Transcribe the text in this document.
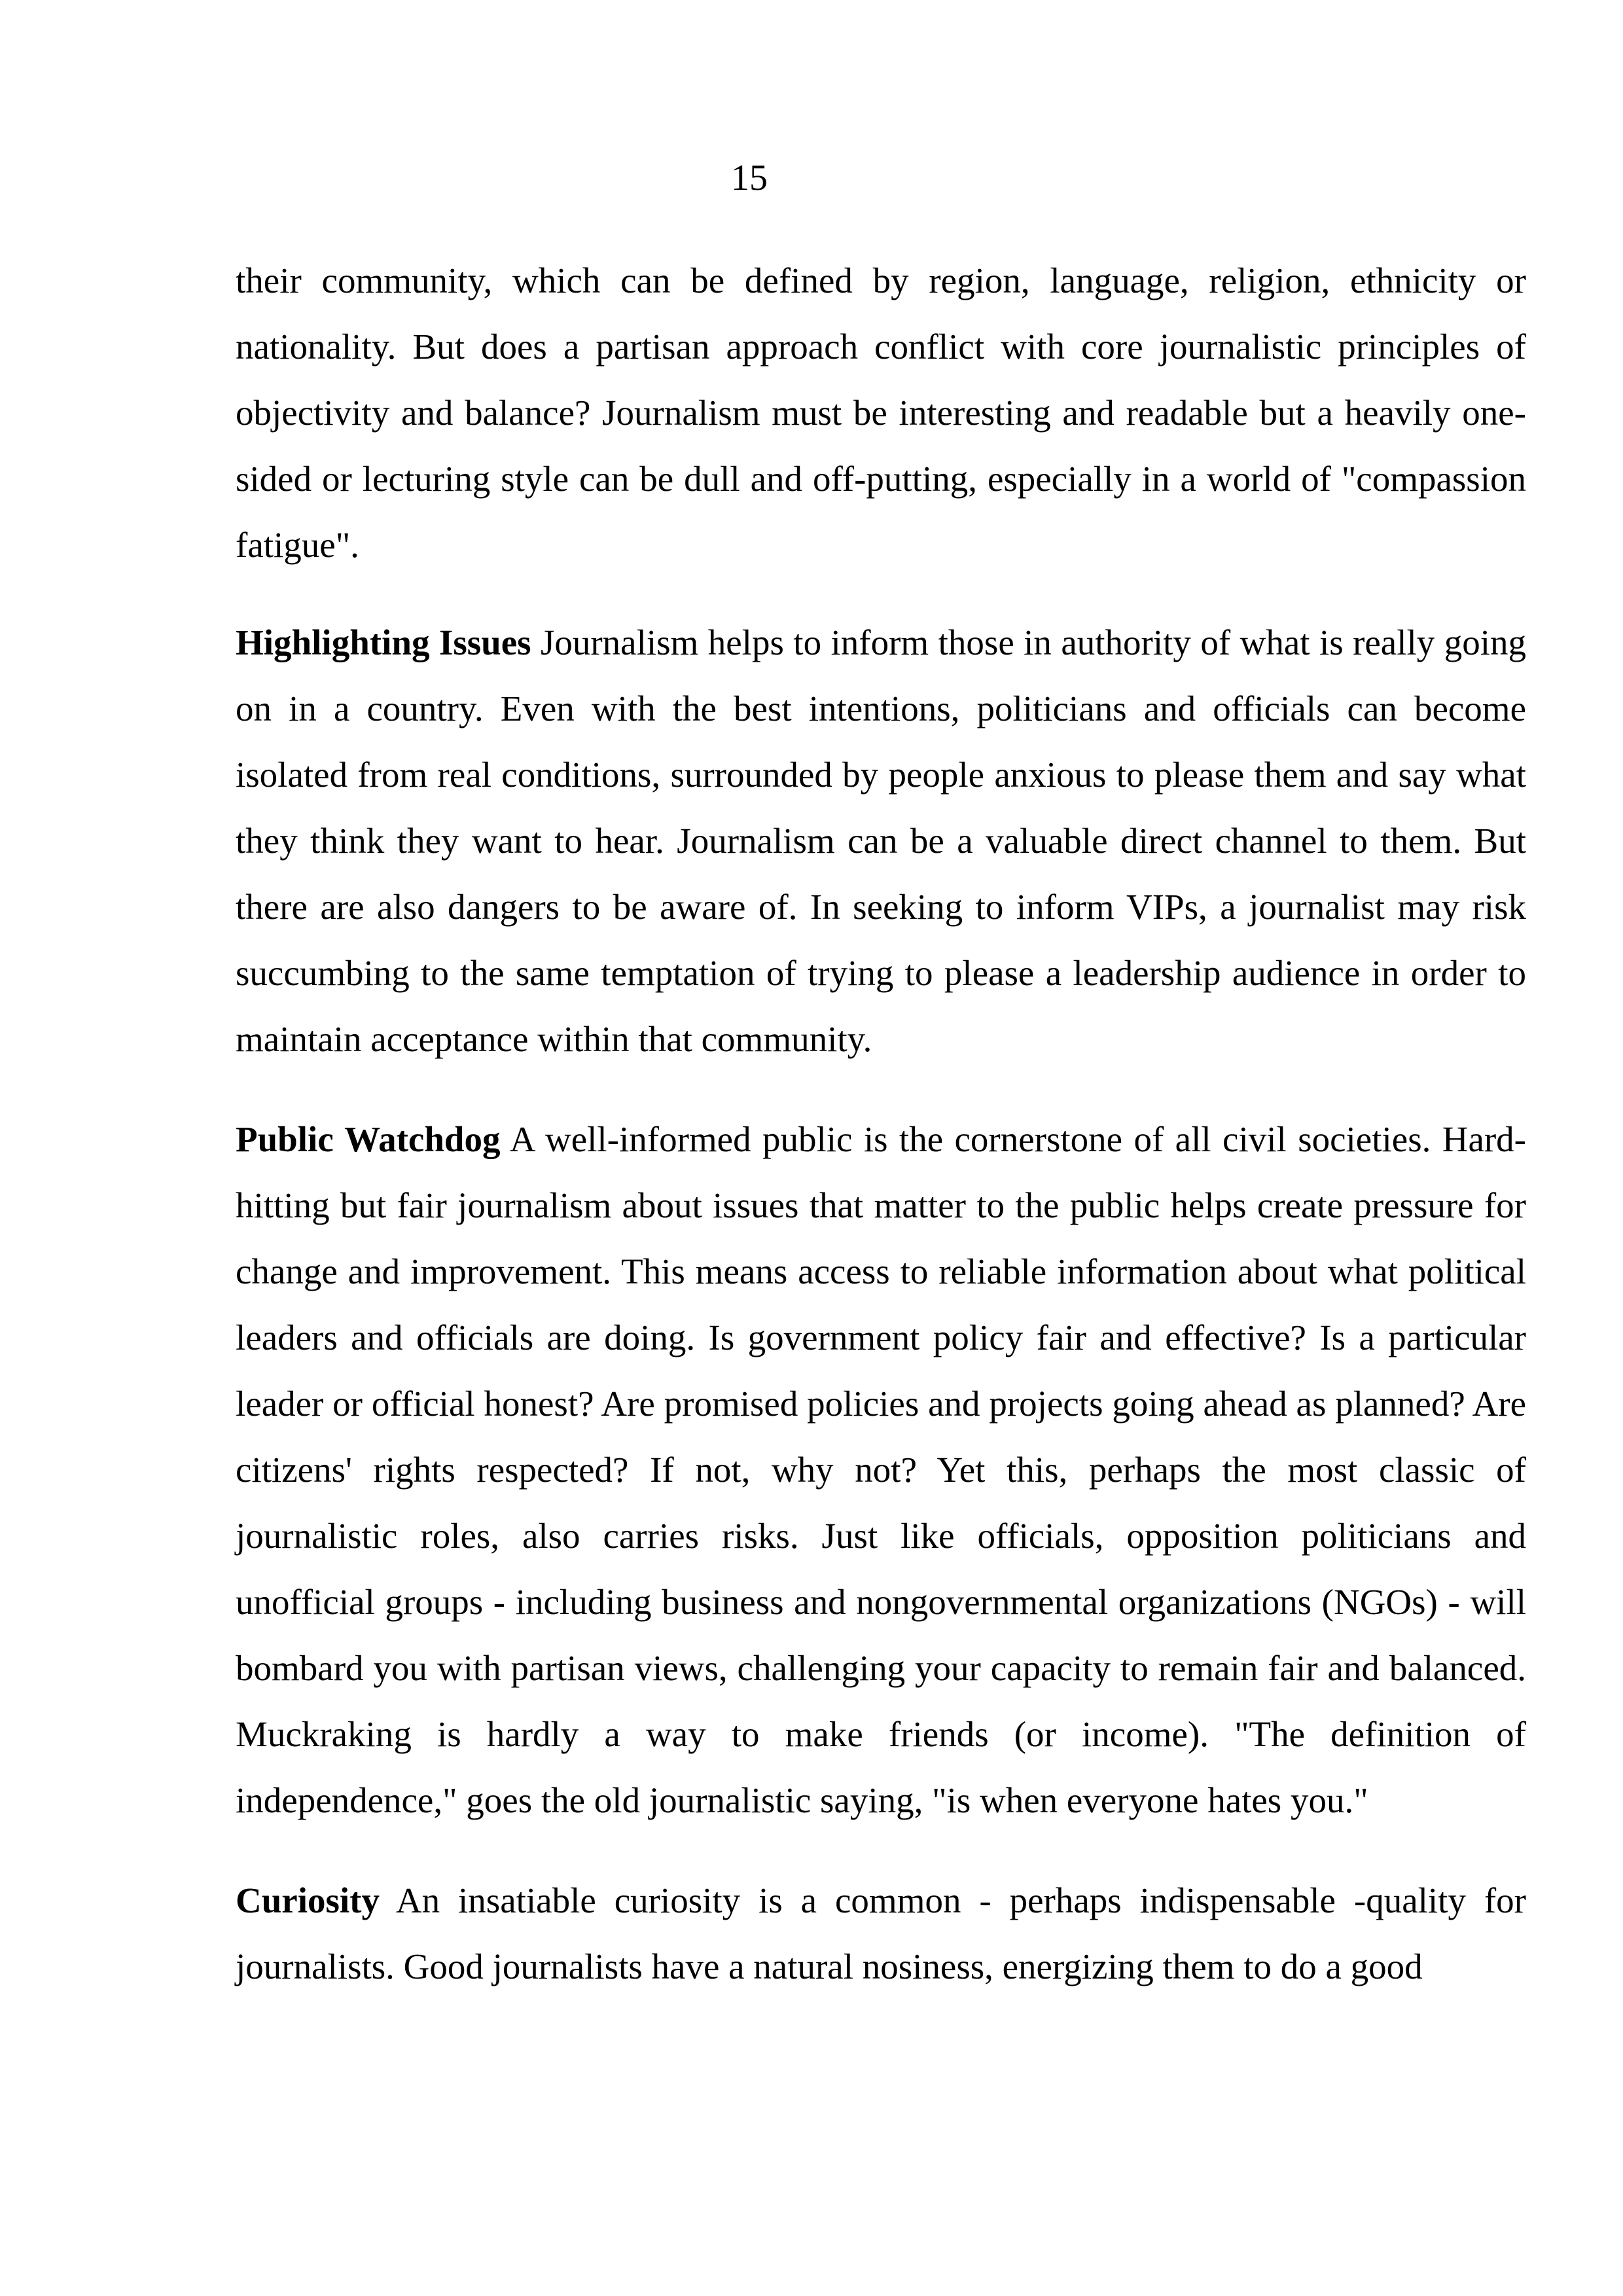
15

their community, which can be defined by region, language, religion, ethnicity or nationality. But does a partisan approach conflict with core journalistic principles of objectivity and balance? Journalism must be interesting and readable but a heavily one-sided or lecturing style can be dull and off-putting, especially in a world of "compassion fatigue".

Highlighting Issues Journalism helps to inform those in authority of what is really going on in a country. Even with the best intentions, politicians and officials can become isolated from real conditions, surrounded by people anxious to please them and say what they think they want to hear. Journalism can be a valuable direct channel to them. But there are also dangers to be aware of. In seeking to inform VIPs, a journalist may risk succumbing to the same temptation of trying to please a leadership audience in order to maintain acceptance within that community.

Public Watchdog A well-informed public is the cornerstone of all civil societies. Hard-hitting but fair journalism about issues that matter to the public helps create pressure for change and improvement. This means access to reliable information about what political leaders and officials are doing. Is government policy fair and effective? Is a particular leader or official honest? Are promised policies and projects going ahead as planned? Are citizens' rights respected? If not, why not? Yet this, perhaps the most classic of journalistic roles, also carries risks. Just like officials, opposition politicians and unofficial groups - including business and nongovernmental organizations (NGOs) - will bombard you with partisan views, challenging your capacity to remain fair and balanced. Muckraking is hardly a way to make friends (or income). "The definition of independence," goes the old journalistic saying, "is when everyone hates you."

Curiosity An insatiable curiosity is a common - perhaps indispensable -quality for journalists. Good journalists have a natural nosiness, energizing them to do a good
